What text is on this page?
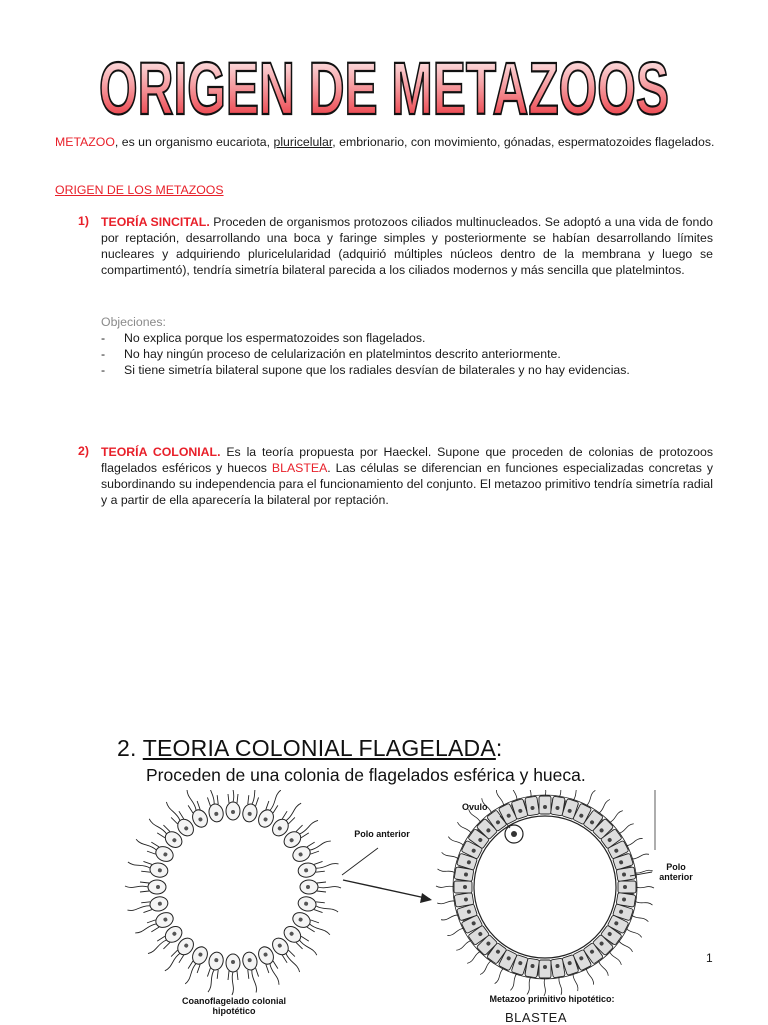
ORIGEN DE METAZOOS
METAZOO, es un organismo eucariota, pluricelular, embrionario, con movimiento, gónadas, espermatozoides flagelados.
ORIGEN DE LOS METAZOOS
1) TEORÍA SINCITAL. Proceden de organismos protozoos ciliados multinucleados. Se adoptó a una vida de fondo por reptación, desarrollando una boca y faringe simples y posteriormente se habían desarrollando límites nucleares y adquiriendo pluricelularidad (adquirió múltiples núcleos dentro de la membrana y luego se compartimentó), tendría simetría bilateral parecida a los ciliados modernos y más sencilla que platelmintos.
Objeciones:
- No explica porque los espermatozoides son flagelados.
- No hay ningún proceso de celularización en platelmintos descrito anteriormente.
- Si tiene simetría bilateral supone que los radiales desvían de bilaterales y no hay evidencias.
2) TEORÍA COLONIAL. Es la teoría propuesta por Haeckel. Supone que proceden de colonias de protozoos flagelados esféricos y huecos BLASTEA. Las células se diferencian en funciones especializadas concretas y subordinando su independencia para el funcionamiento del conjunto. El metazoo primitivo tendría simetría radial y a partir de ella aparecería la bilateral por reptación.
2. TEORIA COLONIAL FLAGELADA:
Proceden de una colonia de flagelados esférica y hueca.
Polo anterior
Ovulo
Polo anterior
Coanoflagelado colonial hipotético
Metazoo primitivo hipotético:
BLASTEA
1
